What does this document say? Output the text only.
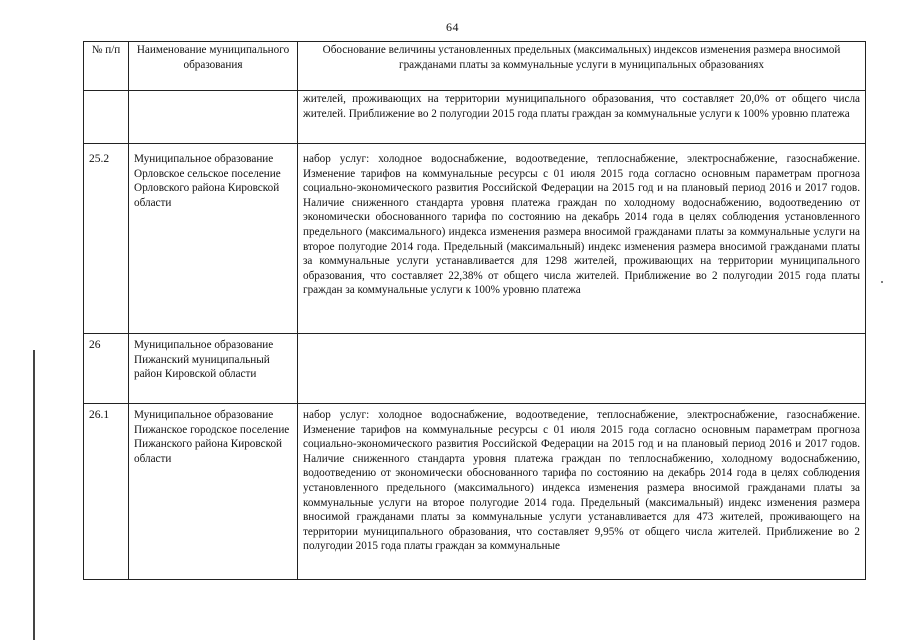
64
№ п/п	Наименование муниципального образования	Обоснование величины установленных предельных (максимальных) индексов изменения размера вносимой гражданами платы за коммунальные услуги в муниципальных образованиях
		жителей, проживающих на территории муниципального образования, что составляет 20,0% от общего числа жителей. Приближение во 2 полугодии 2015 года платы граждан за коммунальные услуги к 100% уровню платежа
25.2	Муниципальное образование Орловское сельское поселение Орловского района Кировской области	набор услуг: холодное водоснабжение, водоотведение, теплоснабжение, электроснабжение, газоснабжение. Изменение тарифов на коммунальные ресурсы с 01 июля 2015 года согласно основным параметрам прогноза социально-экономического развития Российской Федерации на 2015 год и на плановый период 2016 и 2017 годов. Наличие сниженного стандарта уровня платежа граждан по холодному водоснабжению, водоотведению от экономически обоснованного тарифа по состоянию на декабрь 2014 года в целях соблюдения установленного предельного (максимального) индекса изменения размера вносимой гражданами платы за коммунальные услуги на второе полугодие 2014 года. Предельный (максимальный) индекс изменения размера вносимой гражданами платы за коммунальные услуги устанавливается для 1298 жителей, проживающих на территории муниципального образования, что составляет 22,38% от общего числа жителей. Приближение во 2 полугодии 2015 года платы граждан за коммунальные услуги к 100% уровню платежа
26	Муниципальное образование Пижанский муниципальный район Кировской области	
26.1	Муниципальное образование Пижанское городское поселение Пижанского района Кировской области	набор услуг: холодное водоснабжение, водоотведение, теплоснабжение, электроснабжение, газоснабжение. Изменение тарифов на коммунальные ресурсы с 01 июля 2015 года согласно основным параметрам прогноза социально-экономического развития Российской Федерации на 2015 год и на плановый период 2016 и 2017 годов. Наличие сниженного стандарта уровня платежа граждан по теплоснабжению, холодному водоснабжению, водоотведению от экономически обоснованного тарифа по состоянию на декабрь 2014 года в целях соблюдения установленного предельного (максимального) индекса изменения размера вносимой гражданами платы за коммунальные услуги на второе полугодие 2014 года. Предельный (максимальный) индекс изменения размера вносимой гражданами платы за коммунальные услуги устанавливается для 473 жителей, проживающего на территории муниципального образования, что составляет 9,95% от общего числа жителей. Приближение во 2 полугодии 2015 года платы граждан за коммунальные
